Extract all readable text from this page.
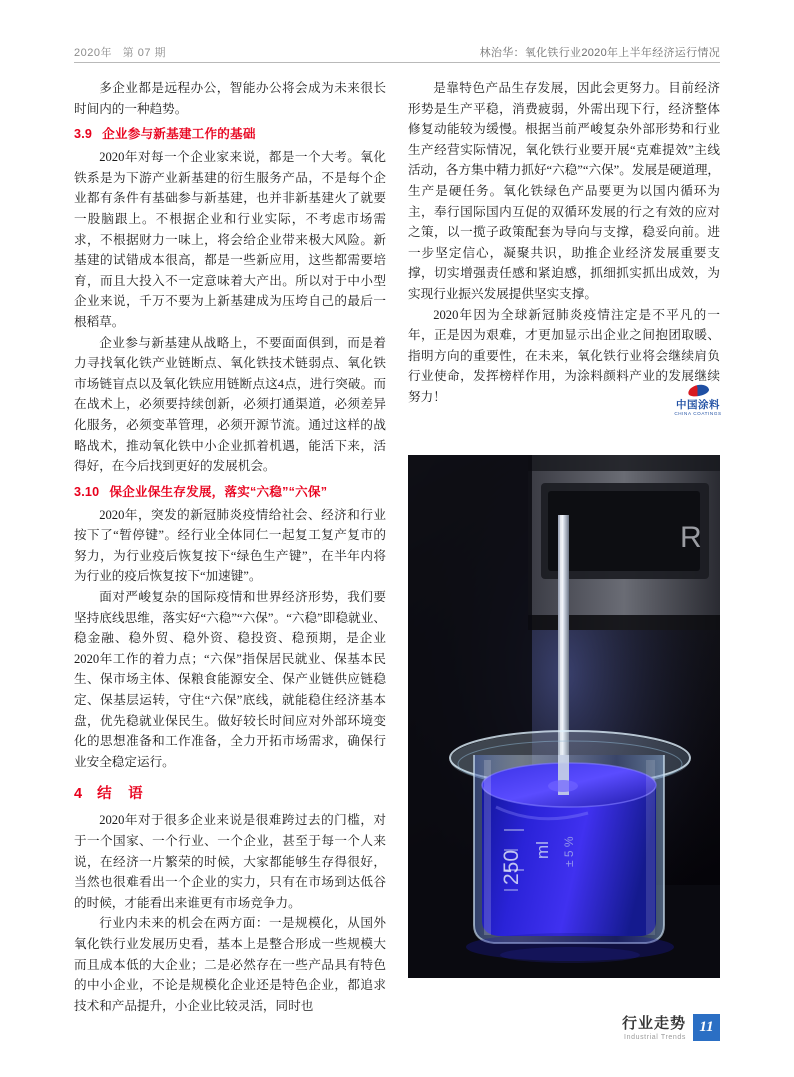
2020年   第 07 期	林治华：氧化铁行业2020年上半年经济运行情况

多企业都是远程办公，智能办公将会成为未来很长时间内的一种趋势。

3.9 企业参与新基建工作的基础

2020年对每一个企业家来说，都是一个大考。氧化铁系是为下游产业新基建的衍生服务产品，不是每个企业都有条件有基础参与新基建，也并非新基建火了就要一股脑跟上。不根据企业和行业实际，不考虑市场需求，不根据财力一味上，将会给企业带来极大风险。新基建的试错成本很高，都是一些新应用，这些都需要培育，而且大投入不一定意味着大产出。所以对于中小型企业来说，千万不要为上新基建成为压垮自己的最后一根稻草。

企业参与新基建从战略上，不要面面俱到，而是着力寻找氧化铁产业链断点、氧化铁技术链弱点、氧化铁市场链盲点以及氧化铁应用链断点这4点，进行突破。而在战术上，必须要持续创新，必须打通渠道，必须差异化服务，必须变革管理，必须开源节流。通过这样的战略战术，推动氧化铁中小企业抓着机遇，能活下来，活得好，在今后找到更好的发展机会。

3.10 保企业保生存发展，落实“六稳”“六保”

2020年，突发的新冠肺炎疫情给社会、经济和行业按下了“暂停键”。经行业全体同仁一起复工复产复市的努力，为行业疫后恢复按下“绿色生产键”，在半年内将为行业的疫后恢复按下“加速键”。

面对严峻复杂的国际疫情和世界经济形势，我们要坚持底线思维，落实好“六稳”“六保”。“六稳”即稳就业、稳金融、稳外贸、稳外资、稳投资、稳预期，是企业2020年工作的着力点；“六保”指保居民就业、保基本民生、保市场主体、保粮食能源安全、保产业链供应链稳定、保基层运转，守住“六保”底线，就能稳住经济基本盘，优先稳就业保民生。做好较长时间应对外部环境变化的思想准备和工作准备，全力开拓市场需求，确保行业安全稳定运行。

4 结　语

2020年对于很多企业来说是很难跨过去的门槛，对于一个国家、一个行业、一个企业，甚至于每一个人来说，在经济一片繁荣的时候，大家都能够生存得很好，当然也很难看出一个企业的实力，只有在市场到达低谷的时候，才能看出来谁更有市场竞争力。

行业内未来的机会在两方面：一是规模化，从国外氧化铁行业发展历史看，基本上是整合形成一些规模大而且成本低的大企业；二是必然存在一些产品具有特色的中小企业，不论是规模化企业还是特色企业，都追求技术和产品提升，小企业比较灵活，同时也

是靠特色产品生存发展，因此会更努力。目前经济形势是生产平稳，消费疲弱，外需出现下行，经济整体修复动能较为缓慢。根据当前严峻复杂外部形势和行业生产经营实际情况，氧化铁行业要开展“克难提效”主线活动，各方集中精力抓好“六稳”“六保”。发展是硬道理，生产是硬任务。氧化铁绿色产品要更为以国内循环为主，奉行国际国内互促的双循环发展的行之有效的应对之策，以一揽子政策配套为导向与支撑，稳妥向前。进一步坚定信心，凝聚共识，助推企业经济发展重要支撑，切实增强责任感和紧迫感，抓细抓实抓出成效，为实现行业振兴发展提供坚实支撑。

2020年因为全球新冠肺炎疫情注定是不平凡的一年，正是因为艰难，才更加显示出企业之间抱团取暖、指明方向的重要性，在未来，氧化铁行业将会继续肩负行业使命，发挥榜样作用，为涂料颜料产业的发展继续努力！

中国涂料
CHINA COATINGS
R
250 ml ± 5 %
行业走势
Industrial Trends
11
